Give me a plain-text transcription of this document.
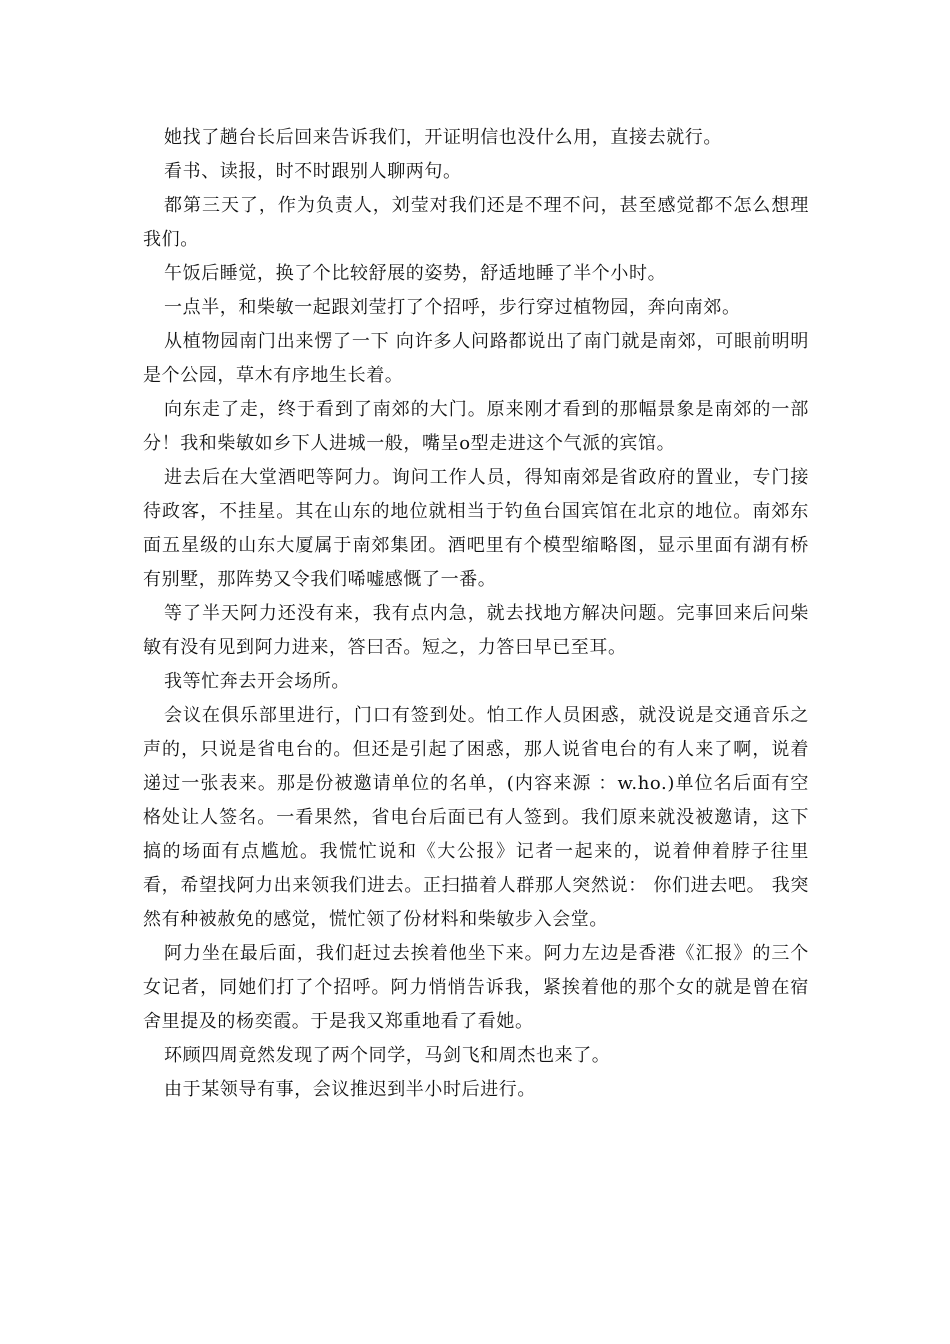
她找了趟台长后回来告诉我们，开证明信也没什么用，直接去就行。

看书、读报，时不时跟别人聊两句。

都第三天了，作为负责人，刘莹对我们还是不理不问，甚至感觉都不怎么想理我们。

午饭后睡觉，换了个比较舒展的姿势，舒适地睡了半个小时。

一点半，和柴敏一起跟刘莹打了个招呼，步行穿过植物园，奔向南郊。

从植物园南门出来愣了一下 向许多人问路都说出了南门就是南郊，可眼前明明是个公园，草木有序地生长着。

向东走了走，终于看到了南郊的大门。原来刚才看到的那幅景象是南郊的一部分！我和柴敏如乡下人进城一般，嘴呈o型走进这个气派的宾馆。

进去后在大堂酒吧等阿力。询问工作人员，得知南郊是省政府的置业，专门接待政客，不挂星。其在山东的地位就相当于钓鱼台国宾馆在北京的地位。南郊东面五星级的山东大厦属于南郊集团。酒吧里有个模型缩略图，显示里面有湖有桥有别墅，那阵势又令我们唏嘘感慨了一番。

等了半天阿力还没有来，我有点内急，就去找地方解决问题。完事回来后问柴敏有没有见到阿力进来，答曰否。短之，力答曰早已至耳。

我等忙奔去开会场所。

会议在俱乐部里进行，门口有签到处。怕工作人员困惑，就没说是交通音乐之声的，只说是省电台的。但还是引起了困惑，那人说省电台的有人来了啊，说着递过一张表来。那是份被邀请单位的名单，(内容来源 ：w.ho.)单位名后面有空格处让人签名。一看果然，省电台后面已有人签到。我们原来就没被邀请，这下搞的场面有点尴尬。我慌忙说和《大公报》记者一起来的，说着伸着脖子往里看，希望找阿力出来领我们进去。正扫描着人群那人突然说： 你们进去吧。 我突然有种被赦免的感觉，慌忙领了份材料和柴敏步入会堂。

阿力坐在最后面，我们赶过去挨着他坐下来。阿力左边是香港《汇报》的三个女记者，同她们打了个招呼。阿力悄悄告诉我，紧挨着他的那个女的就是曾在宿舍里提及的杨奕霞。于是我又郑重地看了看她。

环顾四周竟然发现了两个同学，马剑飞和周杰也来了。

由于某领导有事，会议推迟到半小时后进行。
